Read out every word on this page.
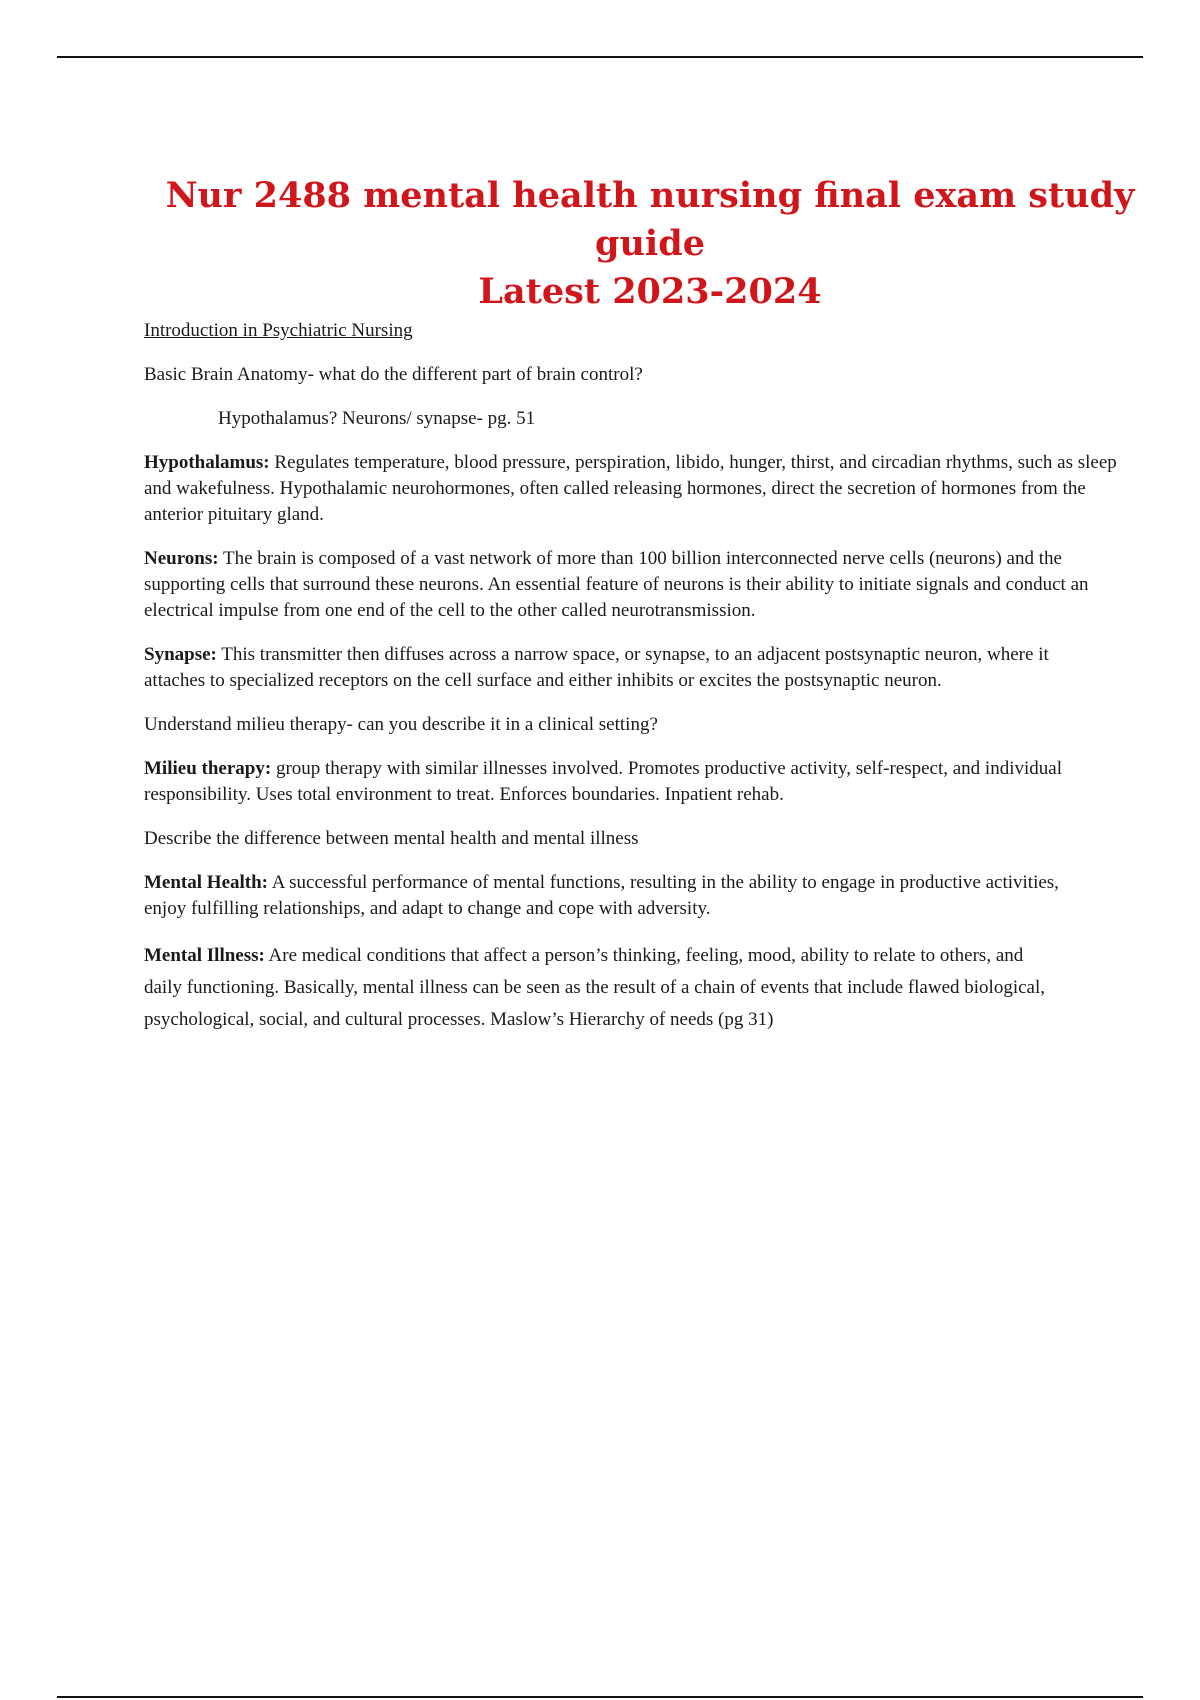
Nur 2488 mental health nursing final exam study guide
Latest 2023-2024

Introduction in Psychiatric Nursing

Basic Brain Anatomy- what do the different part of brain control?

Hypothalamus? Neurons/ synapse- pg. 51

Hypothalamus: Regulates temperature, blood pressure, perspiration, libido, hunger, thirst, and circadian rhythms, such as sleep and wakefulness. Hypothalamic neurohormones, often called releasing hormones, direct the secretion of hormones from the anterior pituitary gland.

Neurons: The brain is composed of a vast network of more than 100 billion interconnected nerve cells (neurons) and the supporting cells that surround these neurons. An essential feature of neurons is their ability to initiate signals and conduct an electrical impulse from one end of the cell to the other called neurotransmission.

Synapse: This transmitter then diffuses across a narrow space, or synapse, to an adjacent postsynaptic neuron, where it attaches to specialized receptors on the cell surface and either inhibits or excites the postsynaptic neuron.

Understand milieu therapy- can you describe it in a clinical setting?

Milieu therapy: group therapy with similar illnesses involved. Promotes productive activity, self-respect, and individual responsibility. Uses total environment to treat. Enforces boundaries. Inpatient rehab.

Describe the difference between mental health and mental illness

Mental Health: A successful performance of mental functions, resulting in the ability to engage in productive activities, enjoy fulfilling relationships, and adapt to change and cope with adversity.

Mental Illness: Are medical conditions that affect a person’s thinking, feeling, mood, ability to relate to others, and daily functioning. Basically, mental illness can be seen as the result of a chain of events that include flawed biological, psychological, social, and cultural processes. Maslow’s Hierarchy of needs (pg 31)
